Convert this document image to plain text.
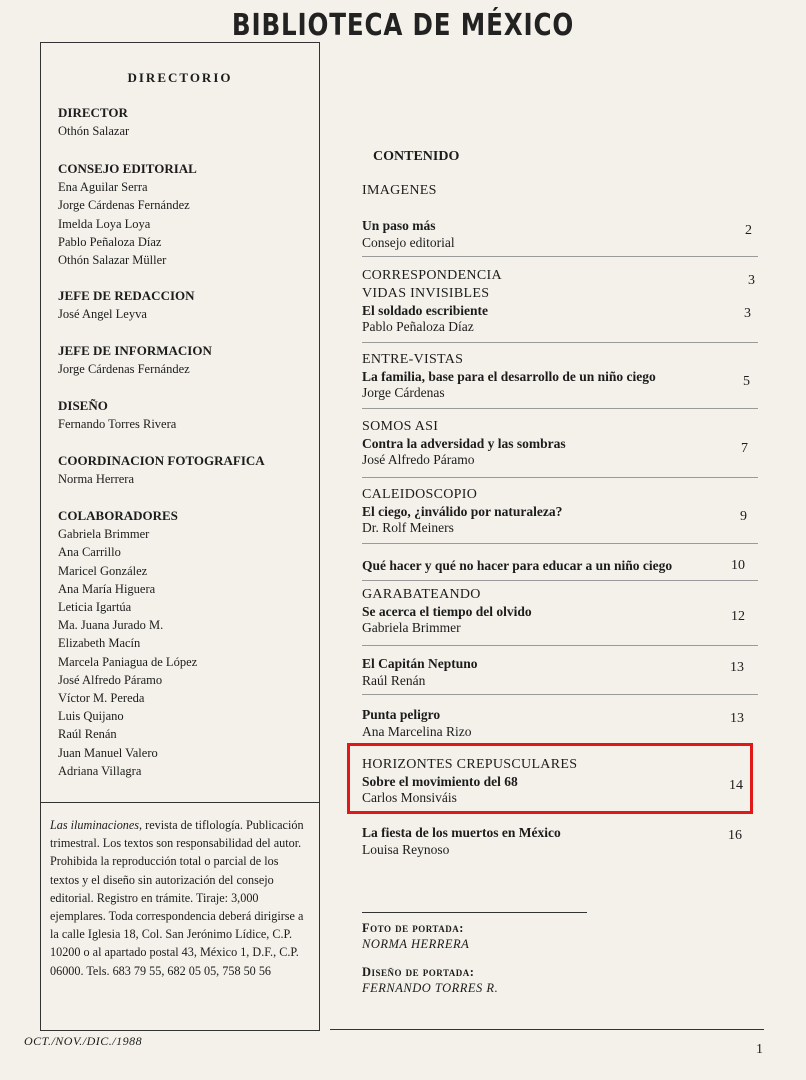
BIBLIOTECA DE MÉXICO
DIRECTORIO
DIRECTOR
Othón Salazar
CONSEJO EDITORIAL
Ena Aguilar Serra
Jorge Cárdenas Fernández
Imelda Loya Loya
Pablo Peñaloza Díaz
Othón Salazar Müller
JEFE DE REDACCION
José Angel Leyva
JEFE DE INFORMACION
Jorge Cárdenas Fernández
DISEÑO
Fernando Torres Rivera
COORDINACION FOTOGRAFICA
Norma Herrera
COLABORADORES
Gabriela Brimmer
Ana Carrillo
Maricel González
Ana María Higuera
Leticia Igartúa
Ma. Juana Jurado M.
Elizabeth Macín
Marcela Paniagua de López
José Alfredo Páramo
Víctor M. Pereda
Luis Quijano
Raúl Renán
Juan Manuel Valero
Adriana Villagra
Las iluminaciones, revista de tiflología. Publicación trimestral. Los textos son responsabilidad del autor. Prohibida la reproducción total o parcial de los textos y el diseño sin autorización del consejo editorial. Registro en trámite. Tiraje: 3,000 ejemplares. Toda correspondencia deberá dirigirse a la calle Iglesia 18, Col. San Jerónimo Lídice, C.P. 10200 o al apartado postal 43, México 1, D.F., C.P. 06000. Tels. 683 79 55, 682 05 05, 758 50 56
CONTENIDO
IMAGENES
Un paso más
Consejo editorial
2
CORRESPONDENCIA	3
VIDAS INVISIBLES
El soldado escribiente
Pablo Peñaloza Díaz
3
ENTRE-VISTAS
La familia, base para el desarrollo de un niño ciego
Jorge Cárdenas
5
SOMOS ASI
Contra la adversidad y las sombras
José Alfredo Páramo
7
CALEIDOSCOPIO
El ciego, ¿inválido por naturaleza?
Dr. Rolf Meiners
9
Qué hacer y qué no hacer para educar a un niño ciego	10
GARABATEANDO
Se acerca el tiempo del olvido
Gabriela Brimmer
12
El Capitán Neptuno
Raúl Renán
13
Punta peligro
Ana Marcelina Rizo
13
HORIZONTES CREPUSCULARES
Sobre el movimiento del 68
Carlos Monsiváis
14
La fiesta de los muertos en México
Louisa Reynoso
16
Foto de portada:
NORMA HERRERA
Diseño de portada:
FERNANDO TORRES R.
OCT./NOV./DIC./1988
1
